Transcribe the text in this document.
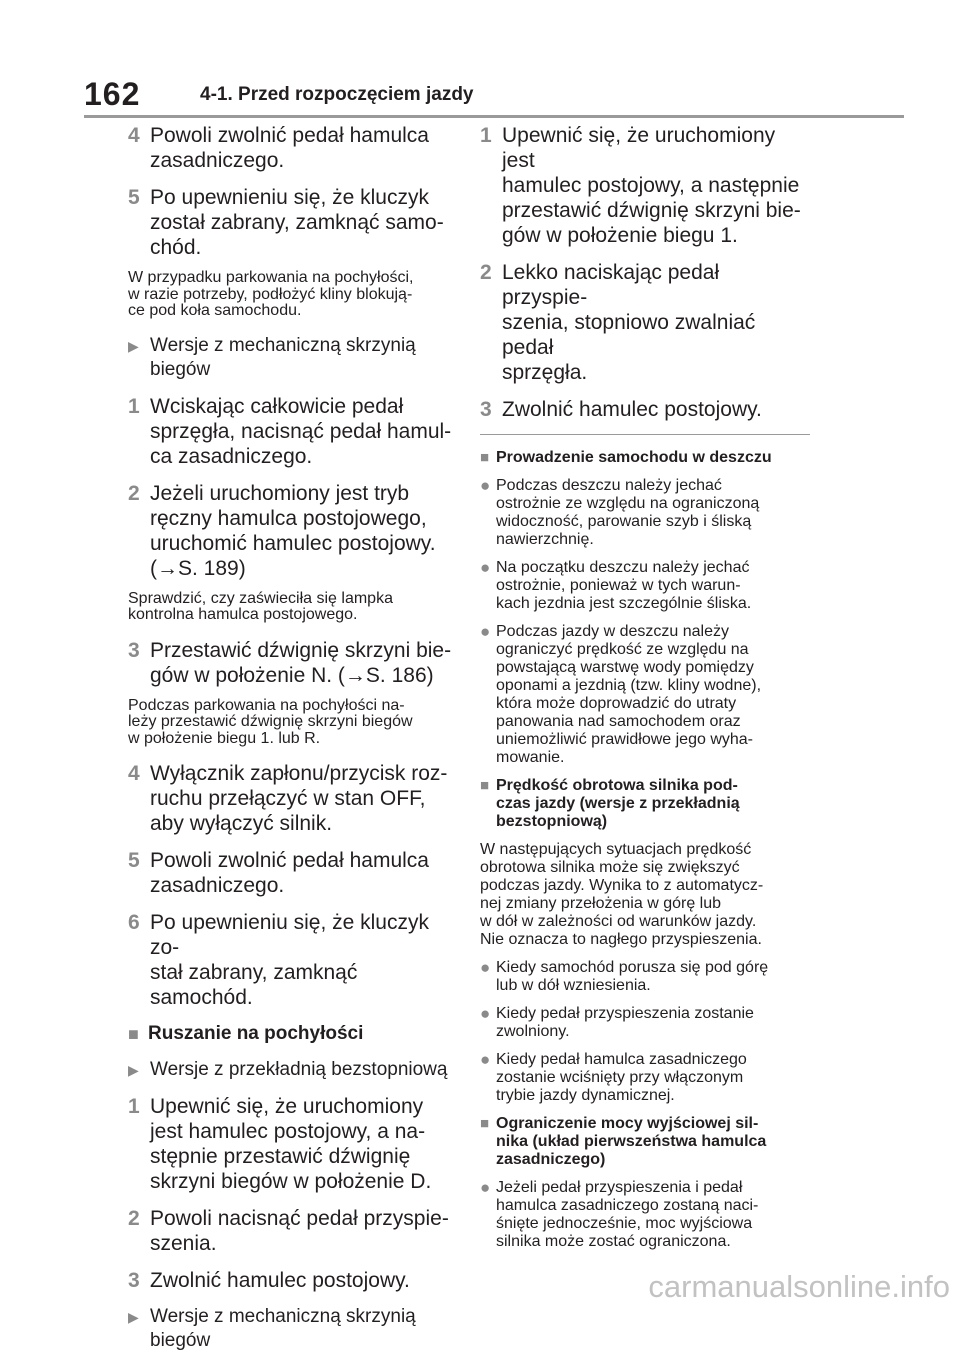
162	4-1. Przed rozpoczęciem jazdy
4 Powoli zwolnić pedał hamulca
zasadniczego.
5 Po upewnieniu się, że kluczyk
został zabrany, zamknąć samo-
chód.
W przypadku parkowania na pochyłości,
w razie potrzeby, podłożyć kliny blokują-
ce pod koła samochodu.
▶ Wersje z mechaniczną skrzynią
biegów
1 Wciskając całkowicie pedał
sprzęgła, nacisnąć pedał hamul-
ca zasadniczego.
2 Jeżeli uruchomiony jest tryb
ręczny hamulca postojowego,
uruchomić hamulec postojowy.
(→S. 189)
Sprawdzić, czy zaświeciła się lampka
kontrolna hamulca postojowego.
3 Przestawić dźwignię skrzyni bie-
gów w położenie N. (→S. 186)
Podczas parkowania na pochyłości na-
leży przestawić dźwignię skrzyni biegów
w położenie biegu 1. lub R.
4 Wyłącznik zapłonu/przycisk roz-
ruchu przełączyć w stan OFF,
aby wyłączyć silnik.
5 Powoli zwolnić pedał hamulca
zasadniczego.
6 Po upewnieniu się, że kluczyk zo-
stał zabrany, zamknąć samochód.
■ Ruszanie na pochyłości
▶ Wersje z przekładnią bezstopniową
1 Upewnić się, że uruchomiony
jest hamulec postojowy, a na-
stępnie przestawić dźwignię
skrzyni biegów w położenie D.
2 Powoli nacisnąć pedał przyspie-
szenia.
3 Zwolnić hamulec postojowy.
▶ Wersje z mechaniczną skrzynią
biegów
1 Upewnić się, że uruchomiony jest
hamulec postojowy, a następnie
przestawić dźwignię skrzyni bie-
gów w położenie biegu 1.
2 Lekko naciskając pedał przyspie-
szenia, stopniowo zwalniać pedał
sprzęgła.
3 Zwolnić hamulec postojowy.
■ Prowadzenie samochodu w deszczu
● Podczas deszczu należy jechać
ostrożnie ze względu na ograniczoną
widoczność, parowanie szyb i śliską
nawierzchnię.
● Na początku deszczu należy jechać
ostrożnie, ponieważ w tych warun-
kach jezdnia jest szczególnie śliska.
● Podczas jazdy w deszczu należy
ograniczyć prędkość ze względu na
powstającą warstwę wody pomiędzy
oponami a jezdnią (tzw. kliny wodne),
która może doprowadzić do utraty
panowania nad samochodem oraz
uniemożliwić prawidłowe jego wyha-
mowanie.
■ Prędkość obrotowa silnika pod-
czas jazdy (wersje z przekładnią
bezstopniową)
W następujących sytuacjach prędkość
obrotowa silnika może się zwiększyć
podczas jazdy. Wynika to z automatycz-
nej zmiany przełożenia w górę lub
w dół w zależności od warunków jazdy.
Nie oznacza to nagłego przyspieszenia.
● Kiedy samochód porusza się pod górę
lub w dół wzniesienia.
● Kiedy pedał przyspieszenia zostanie
zwolniony.
● Kiedy pedał hamulca zasadniczego
zostanie wciśnięty przy włączonym
trybie jazdy dynamicznej.
■ Ograniczenie mocy wyjściowej sil-
nika (układ pierwszeństwa hamulca
zasadniczego)
● Jeżeli pedał przyspieszenia i pedał
hamulca zasadniczego zostaną naci-
śnięte jednocześnie, moc wyjściowa
silnika może zostać ograniczona.
carmanualsonline.info
